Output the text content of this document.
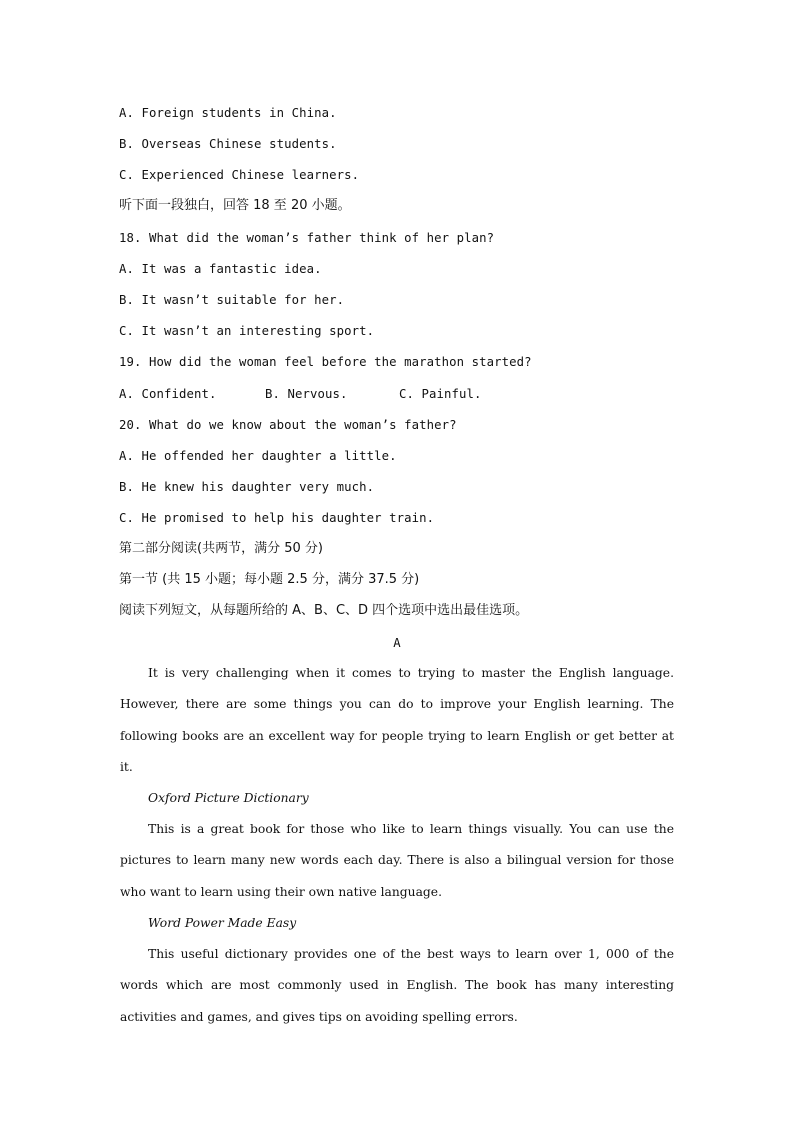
A. Foreign students in China.
B. Overseas Chinese students.
C. Experienced Chinese learners.
听下面一段独白，回答 18 至 20 小题。
18. What did the woman’s father think of her plan?
A. It was a fantastic idea.
B. It wasn’t suitable for her.
C. It wasn’t an interesting sport.
19. How did the woman feel before the marathon started?
A. Confident.	B. Nervous.	C. Painful.
20. What do we know about the woman’s father?
A. He offended her daughter a little.
B. He knew his daughter very much.
C. He promised to help his daughter train.
第二部分阅读(共两节，满分 50 分)
第一节 (共 15 小题；每小题 2.5 分，满分 37.5 分)
阅读下列短文，从每题所给的 A、B、C、D 四个选项中选出最佳选项。
A
It is very challenging when it comes to trying to master the English language. However, there are some things you can do to improve your English learning. The following books are an excellent way for people trying to learn English or get better at it.
Oxford Picture Dictionary
This is a great book for those who like to learn things visually. You can use the pictures to learn many new words each day. There is also a bilingual version for those who want to learn using their own native language.
Word Power Made Easy
This useful dictionary provides one of the best ways to learn over 1, 000 of the words which are most commonly used in English. The book has many interesting activities and games, and gives tips on avoiding spelling errors.
